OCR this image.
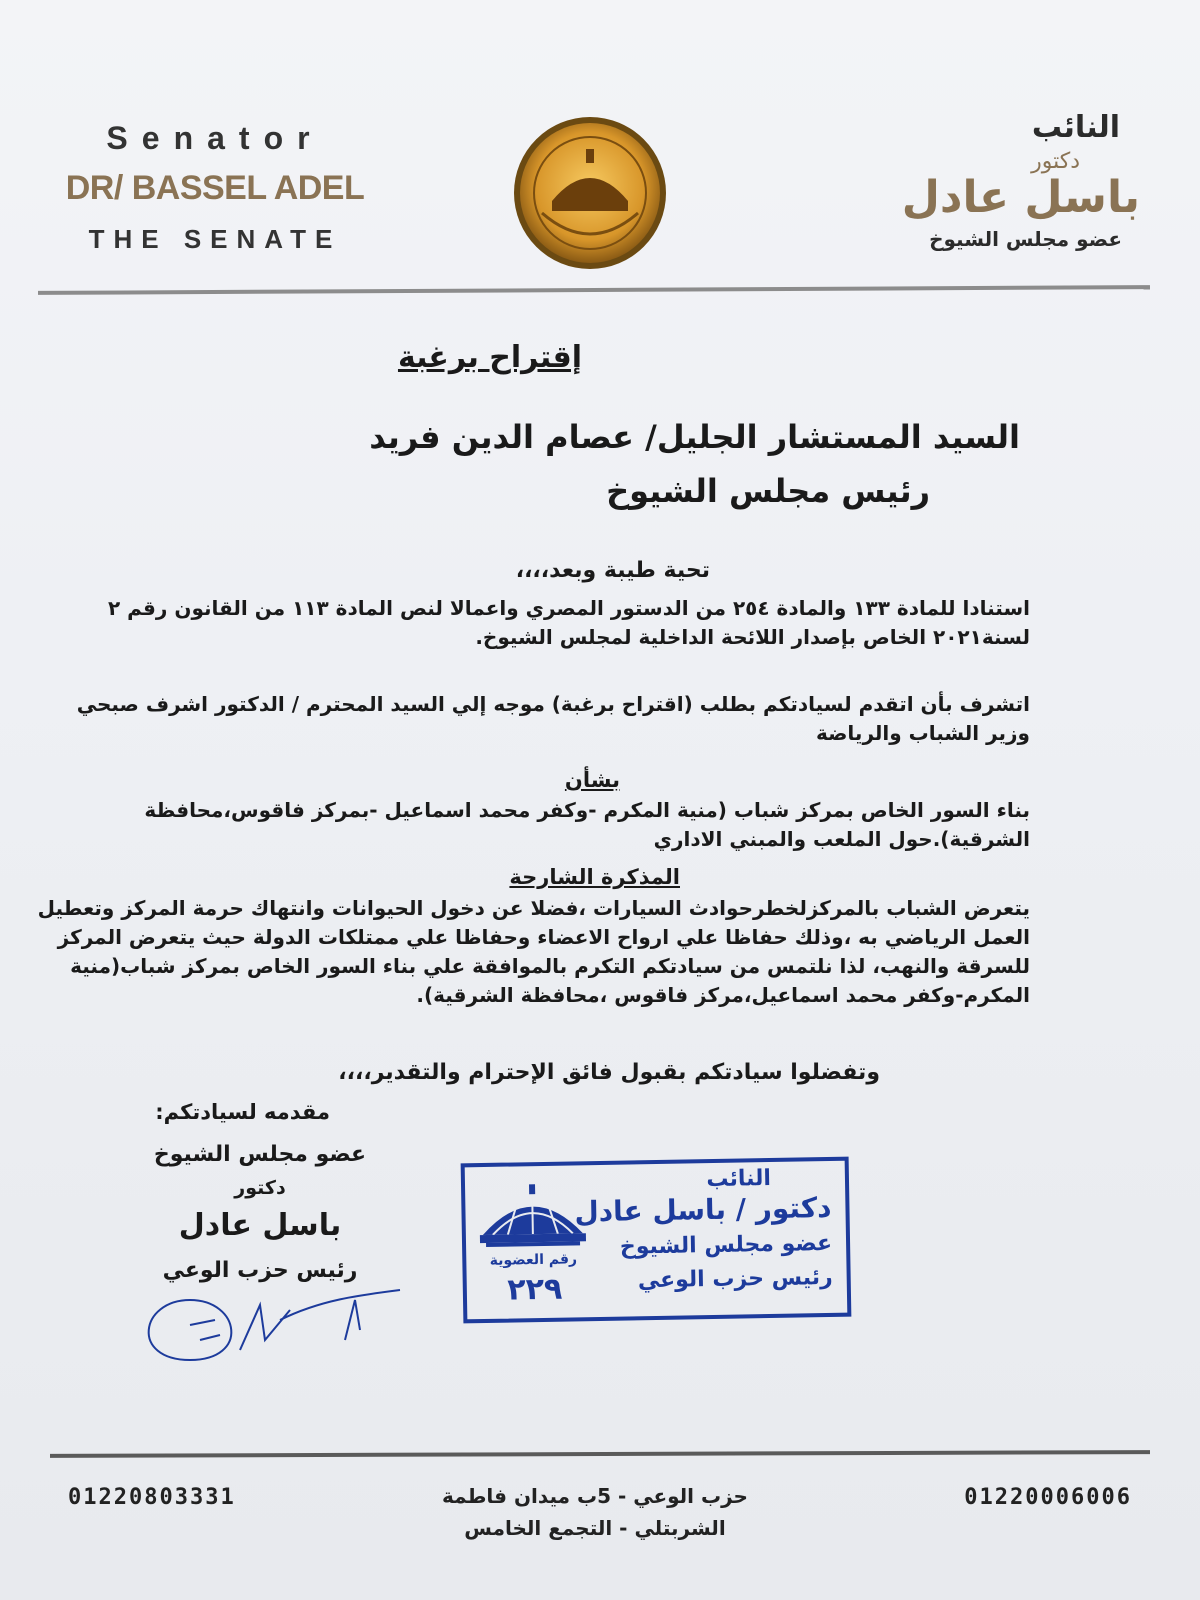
Senator
DR/ BASSEL ADEL
THE SENATE
النائب
دكتور
باسل عادل
عضو مجلس الشيوخ
إقتراح برغبة
السيد المستشار الجليل/ عصام الدين فريد
رئيس مجلس الشيوخ
تحية طيبة وبعد،،،،
استنادا للمادة ١٣٣ والمادة ٢٥٤ من الدستور المصري واعمالا لنص المادة ١١٣ من القانون رقم ٢ لسنة٢٠٢١ الخاص بإصدار اللائحة الداخلية لمجلس الشيوخ.
اتشرف بأن اتقدم لسيادتكم بطلب (اقتراح برغبة) موجه إلي السيد المحترم / الدكتور اشرف صبحي وزير الشباب والرياضة
بشأن
بناء السور الخاص بمركز شباب (منية المكرم -وكفر محمد اسماعيل -بمركز فاقوس،محافظة الشرقية).حول الملعب والمبني الاداري
المذكرة الشارحة
يتعرض الشباب بالمركزلخطرحوادث السيارات ،فضلا عن دخول الحيوانات وانتهاك حرمة المركز وتعطيل العمل الرياضي به ،وذلك حفاظا علي ارواح الاعضاء وحفاظا علي ممتلكات الدولة حيث يتعرض المركز للسرقة والنهب، لذا نلتمس من سيادتكم التكرم بالموافقة علي بناء السور الخاص بمركز شباب(منية المكرم-وكفر محمد اسماعيل،مركز فاقوس ،محافظة الشرقية).
وتفضلوا سيادتكم بقبول فائق الإحترام والتقدير،،،،
مقدمه لسيادتكم:
عضو مجلس الشيوخ
دكتور
باسل عادل
رئيس حزب الوعي
النائب
دكتور / باسل عادل
عضو مجلس الشيوخ
رئيس حزب الوعي
رقم العضوية
٢٢٩
01220803331	حزب الوعي - 5ب ميدان فاطمة
الشربتلي - التجمع الخامس
01220006006
